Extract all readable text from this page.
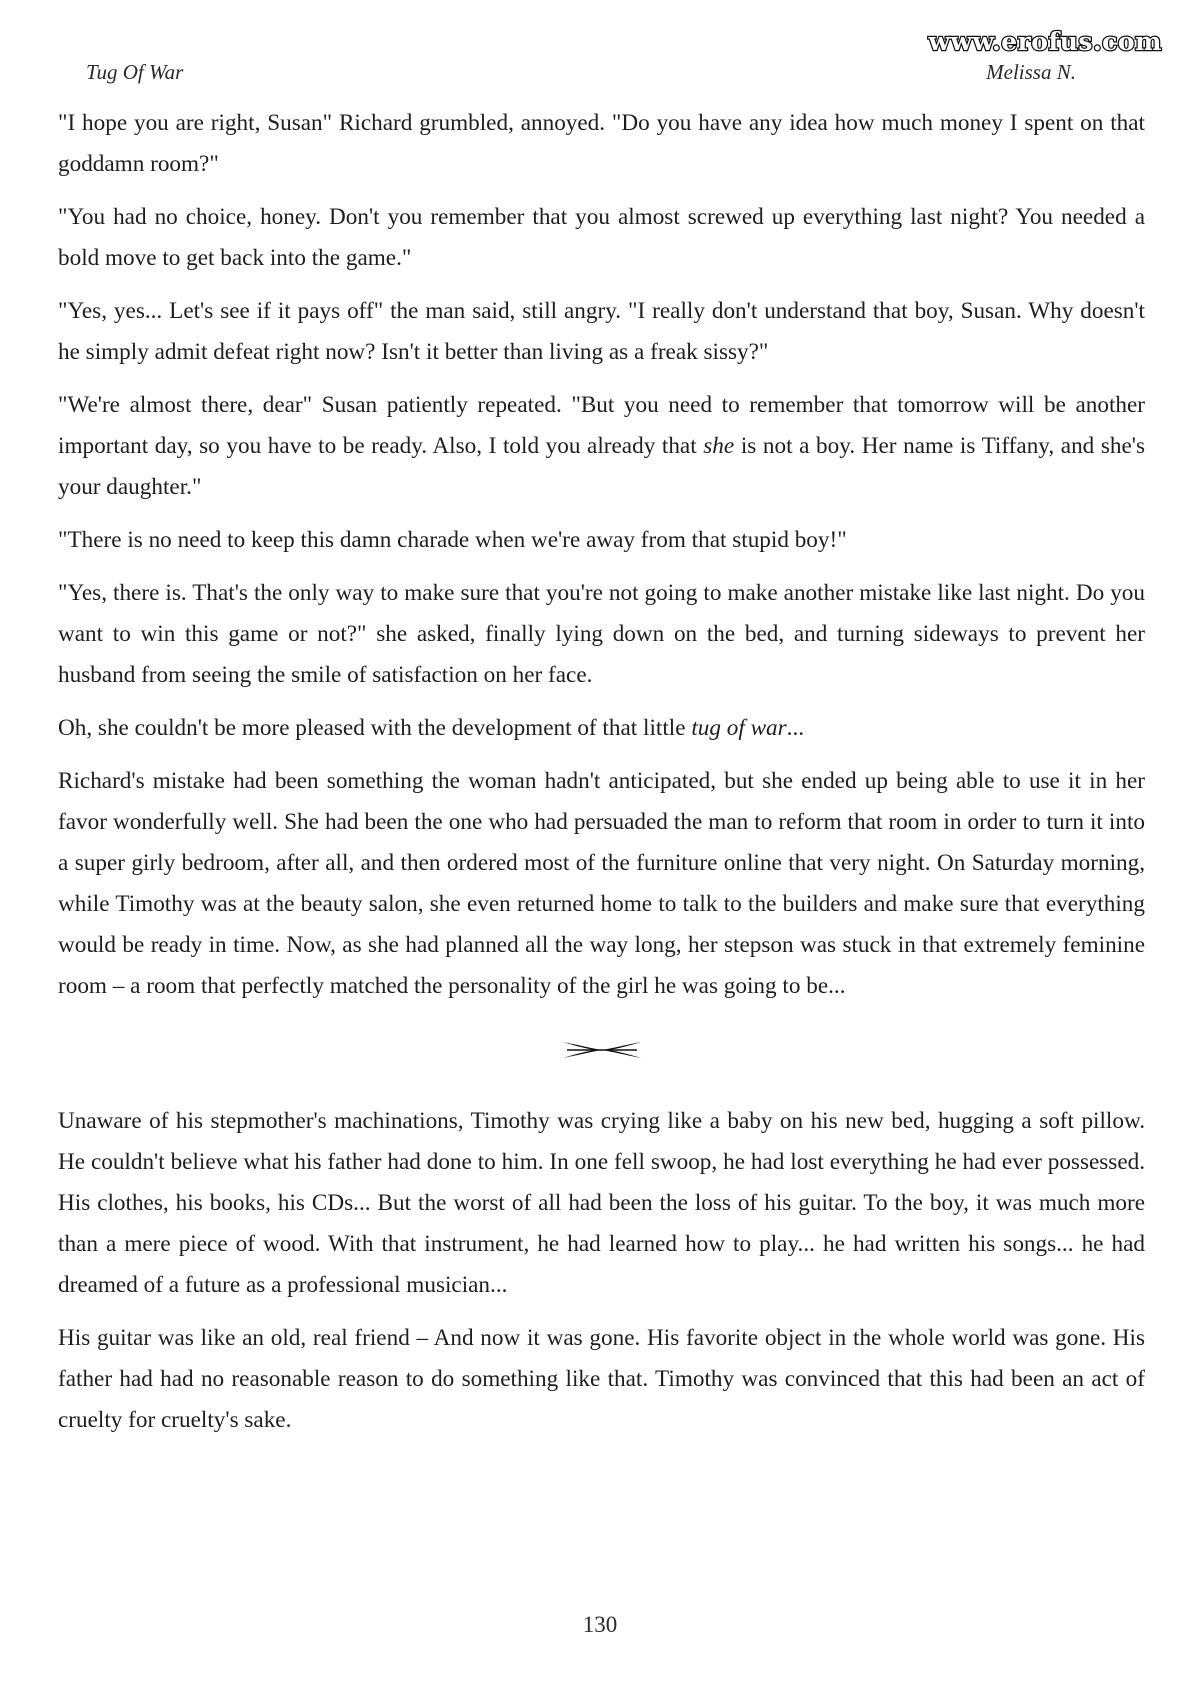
www.erofus.com
Tug Of War	Melissa N.

"I hope you are right, Susan" Richard grumbled, annoyed. "Do you have any idea how much money I spent on that goddamn room?"

"You had no choice, honey. Don't you remember that you almost screwed up everything last night? You needed a bold move to get back into the game."

"Yes, yes... Let's see if it pays off" the man said, still angry. "I really don't understand that boy, Susan. Why doesn't he simply admit defeat right now? Isn't it better than living as a freak sissy?"

"We're almost there, dear" Susan patiently repeated. "But you need to remember that tomorrow will be another important day, so you have to be ready. Also, I told you already that she is not a boy. Her name is Tiffany, and she's your daughter."

"There is no need to keep this damn charade when we're away from that stupid boy!"

"Yes, there is. That's the only way to make sure that you're not going to make another mistake like last night. Do you want to win this game or not?" she asked, finally lying down on the bed, and turning sideways to prevent her husband from seeing the smile of satisfaction on her face.

Oh, she couldn't be more pleased with the development of that little tug of war...

Richard's mistake had been something the woman hadn't anticipated, but she ended up being able to use it in her favor wonderfully well. She had been the one who had persuaded the man to reform that room in order to turn it into a super girly bedroom, after all, and then ordered most of the furniture online that very night. On Saturday morning, while Timothy was at the beauty salon, she even returned home to talk to the builders and make sure that everything would be ready in time. Now, as she had planned all the way long, her stepson was stuck in that extremely feminine room – a room that perfectly matched the personality of the girl he was going to be...

Unaware of his stepmother's machinations, Timothy was crying like a baby on his new bed, hugging a soft pillow. He couldn't believe what his father had done to him. In one fell swoop, he had lost everything he had ever possessed. His clothes, his books, his CDs... But the worst of all had been the loss of his guitar. To the boy, it was much more than a mere piece of wood. With that instrument, he had learned how to play... he had written his songs... he had dreamed of a future as a professional musician...

His guitar was like an old, real friend – And now it was gone. His favorite object in the whole world was gone. His father had had no reasonable reason to do something like that. Timothy was convinced that this had been an act of cruelty for cruelty's sake.

130
